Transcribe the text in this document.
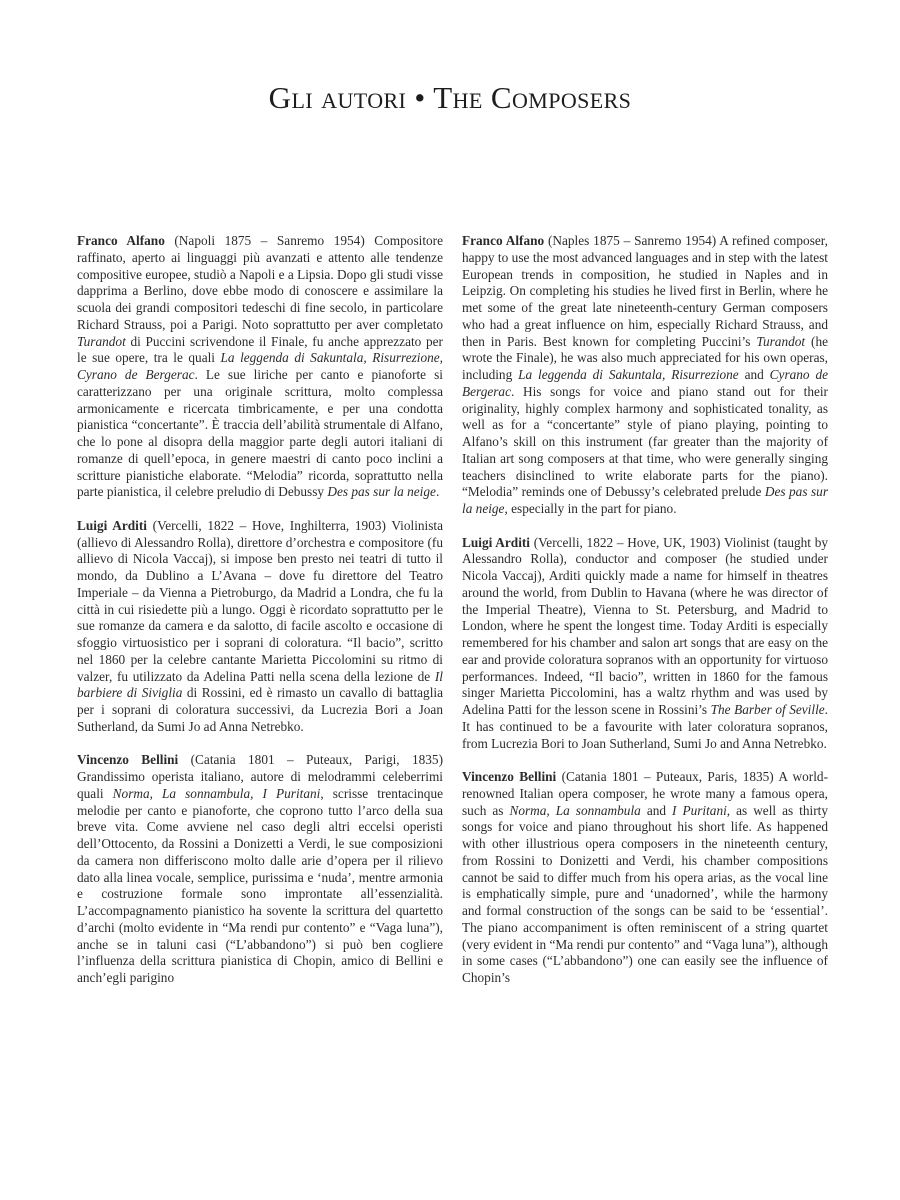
Gli autori • The Composers

Franco Alfano (Napoli 1875 – Sanremo 1954) Compositore raffinato, aperto ai linguaggi più avanzati e attento alle tendenze compositive europee, studiò a Napoli e a Lipsia. Dopo gli studi visse dapprima a Berlino, dove ebbe modo di conoscere e assimilare la scuola dei grandi compositori tedeschi di fine secolo, in particolare Richard Strauss, poi a Parigi. Noto soprattutto per aver completato Turandot di Puccini scrivendone il Finale, fu anche apprezzato per le sue opere, tra le quali La leggenda di Sakuntala, Risurrezione, Cyrano de Bergerac. Le sue liriche per canto e pianoforte si caratterizzano per una originale scrittura, molto complessa armonicamente e ricercata timbricamente, e per una condotta pianistica “concertante”. È traccia dell’abilità strumentale di Alfano, che lo pone al disopra della maggior parte degli autori italiani di romanze di quell’epoca, in genere maestri di canto poco inclini a scritture pianistiche elaborate. “Melodia” ricorda, soprattutto nella parte pianistica, il celebre preludio di Debussy Des pas sur la neige.

Luigi Arditi (Vercelli, 1822 – Hove, Inghilterra, 1903) Violinista (allievo di Alessandro Rolla), direttore d’orchestra e compositore (fu allievo di Nicola Vaccaj), si impose ben presto nei teatri di tutto il mondo, da Dublino a L’Avana – dove fu direttore del Teatro Imperiale – da Vienna a Pietroburgo, da Madrid a Londra, che fu la città in cui risiedette più a lungo. Oggi è ricordato soprattutto per le sue romanze da camera e da salotto, di facile ascolto e occasione di sfoggio virtuosistico per i soprani di coloratura. “Il bacio”, scritto nel 1860 per la celebre cantante Marietta Piccolomini su ritmo di valzer, fu utilizzato da Adelina Patti nella scena della lezione de Il barbiere di Siviglia di Rossini, ed è rimasto un cavallo di battaglia per i soprani di coloratura successivi, da Lucrezia Bori a Joan Sutherland, da Sumi Jo ad Anna Netrebko.

Vincenzo Bellini (Catania 1801 – Puteaux, Parigi, 1835) Grandissimo operista italiano, autore di melodrammi celeberrimi quali Norma, La sonnambula, I Puritani, scrisse trentacinque melodie per canto e pianoforte, che coprono tutto l’arco della sua breve vita. Come avviene nel caso degli altri eccelsi operisti dell’Ottocento, da Rossini a Donizetti a Verdi, le sue composizioni da camera non differiscono molto dalle arie d’opera per il rilievo dato alla linea vocale, semplice, purissima e ‘nuda’, mentre armonia e costruzione formale sono improntate all’essenzialità. L’accompagnamento pianistico ha sovente la scrittura del quartetto d’archi (molto evidente in “Ma rendi pur contento” e “Vaga luna”), anche se in taluni casi (“L’abbandono”) si può ben cogliere l’influenza della scrittura pianistica di Chopin, amico di Bellini e anch’egli parigino

Franco Alfano (Naples 1875 – Sanremo 1954) A refined composer, happy to use the most advanced languages and in step with the latest European trends in composition, he studied in Naples and in Leipzig. On completing his studies he lived first in Berlin, where he met some of the great late nineteenth-century German composers who had a great influence on him, especially Richard Strauss, and then in Paris. Best known for completing Puccini’s Turandot (he wrote the Finale), he was also much appreciated for his own operas, including La leggenda di Sakuntala, Risurrezione and Cyrano de Bergerac. His songs for voice and piano stand out for their originality, highly complex harmony and sophisticated tonality, as well as for a “concertante” style of piano playing, pointing to Alfano’s skill on this instrument (far greater than the majority of Italian art song composers at that time, who were generally singing teachers disinclined to write elaborate parts for the piano). “Melodia” reminds one of Debussy’s celebrated prelude Des pas sur la neige, especially in the part for piano.

Luigi Arditi (Vercelli, 1822 – Hove, UK, 1903) Violinist (taught by Alessandro Rolla), conductor and composer (he studied under Nicola Vaccaj), Arditi quickly made a name for himself in theatres around the world, from Dublin to Havana (where he was director of the Imperial Theatre), Vienna to St. Petersburg, and Madrid to London, where he spent the longest time. Today Arditi is especially remembered for his chamber and salon art songs that are easy on the ear and provide coloratura sopranos with an opportunity for virtuoso performances. Indeed, “Il bacio”, written in 1860 for the famous singer Marietta Piccolomini, has a waltz rhythm and was used by Adelina Patti for the lesson scene in Rossini’s The Barber of Seville. It has continued to be a favourite with later coloratura sopranos, from Lucrezia Bori to Joan Sutherland, Sumi Jo and Anna Netrebko.

Vincenzo Bellini (Catania 1801 – Puteaux, Paris, 1835) A world-renowned Italian opera composer, he wrote many a famous opera, such as Norma, La sonnambula and I Puritani, as well as thirty songs for voice and piano throughout his short life. As happened with other illustrious opera composers in the nineteenth century, from Rossini to Donizetti and Verdi, his chamber compositions cannot be said to differ much from his opera arias, as the vocal line is emphatically simple, pure and ‘unadorned’, while the harmony and formal construction of the songs can be said to be ‘essential’. The piano accompaniment is often reminiscent of a string quartet (very evident in “Ma rendi pur contento” and “Vaga luna”), although in some cases (“L’abbandono”) one can easily see the influence of Chopin’s
